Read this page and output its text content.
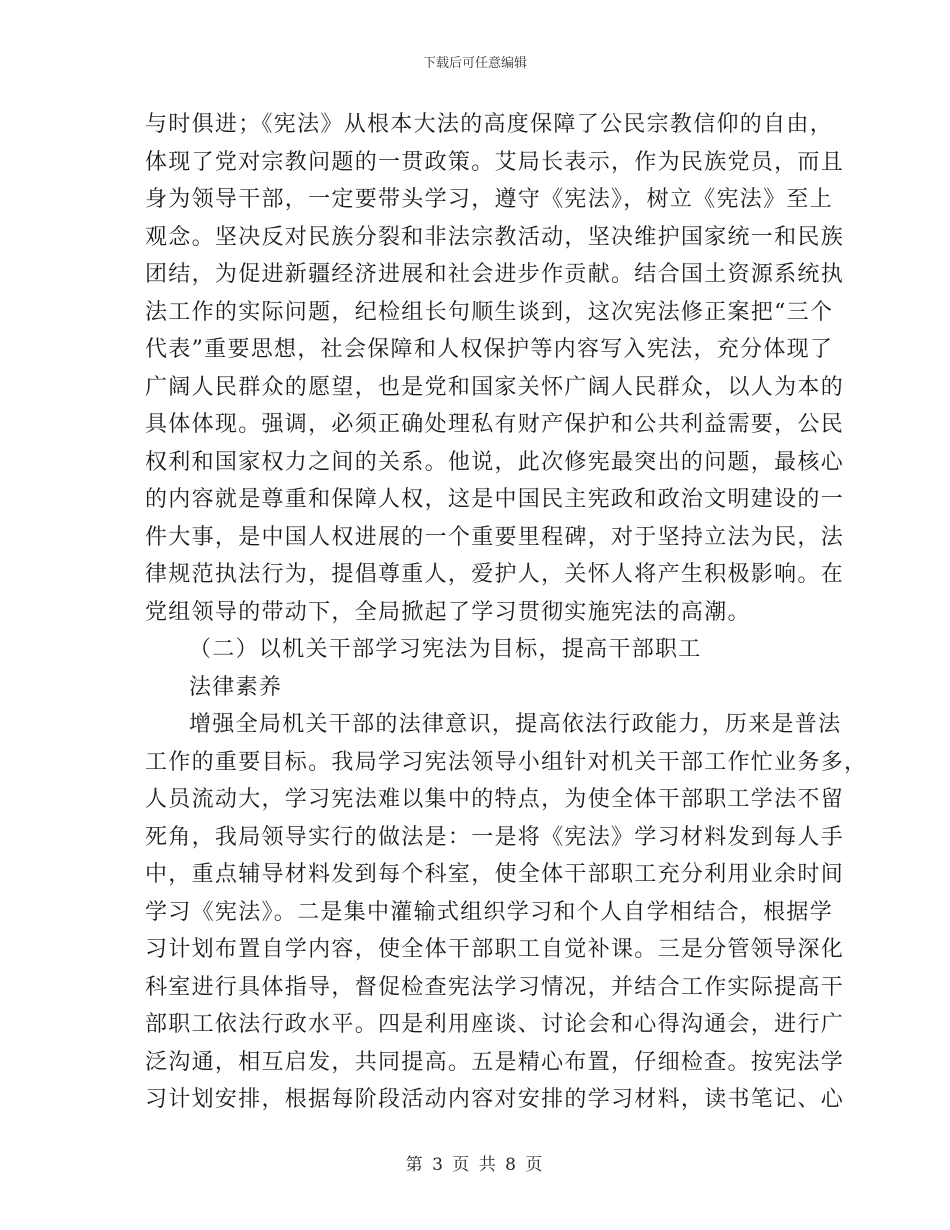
下载后可任意编辑
与时俱进；《宪法》从根本大法的高度保障了公民宗教信仰的自由，
体现了党对宗教问题的一贯政策。艾局长表示，作为民族党员，而且
身为领导干部，一定要带头学习，遵守《宪法》，树立《宪法》至上
观念。坚决反对民族分裂和非法宗教活动，坚决维护国家统一和民族
团结，为促进新疆经济进展和社会进步作贡献。结合国土资源系统执
法工作的实际问题，纪检组长句顺生谈到，这次宪法修正案把“三个
代表”重要思想，社会保障和人权保护等内容写入宪法，充分体现了
广阔人民群众的愿望，也是党和国家关怀广阔人民群众，以人为本的
具体体现。强调，必须正确处理私有财产保护和公共利益需要，公民
权利和国家权力之间的关系。他说，此次修宪最突出的问题，最核心
的内容就是尊重和保障人权，这是中国民主宪政和政治文明建设的一
件大事，是中国人权进展的一个重要里程碑，对于坚持立法为民，法
律规范执法行为，提倡尊重人，爱护人，关怀人将产生积极影响。在
党组领导的带动下，全局掀起了学习贯彻实施宪法的高潮。
（二）以机关干部学习宪法为目标，提高干部职工
法律素养
增强全局机关干部的法律意识，提高依法行政能力，历来是普法
工作的重要目标。我局学习宪法领导小组针对机关干部工作忙业务多，
人员流动大，学习宪法难以集中的特点，为使全体干部职工学法不留
死角，我局领导实行的做法是：一是将《宪法》学习材料发到每人手
中，重点辅导材料发到每个科室，使全体干部职工充分利用业余时间
学习《宪法》。二是集中灌输式组织学习和个人自学相结合，根据学
习计划布置自学内容，使全体干部职工自觉补课。三是分管领导深化
科室进行具体指导，督促检查宪法学习情况，并结合工作实际提高干
部职工依法行政水平。四是利用座谈、讨论会和心得沟通会，进行广
泛沟通，相互启发，共同提高。五是精心布置，仔细检查。按宪法学
习计划安排，根据每阶段活动内容对安排的学习材料，读书笔记、心
第 3 页 共 8 页
